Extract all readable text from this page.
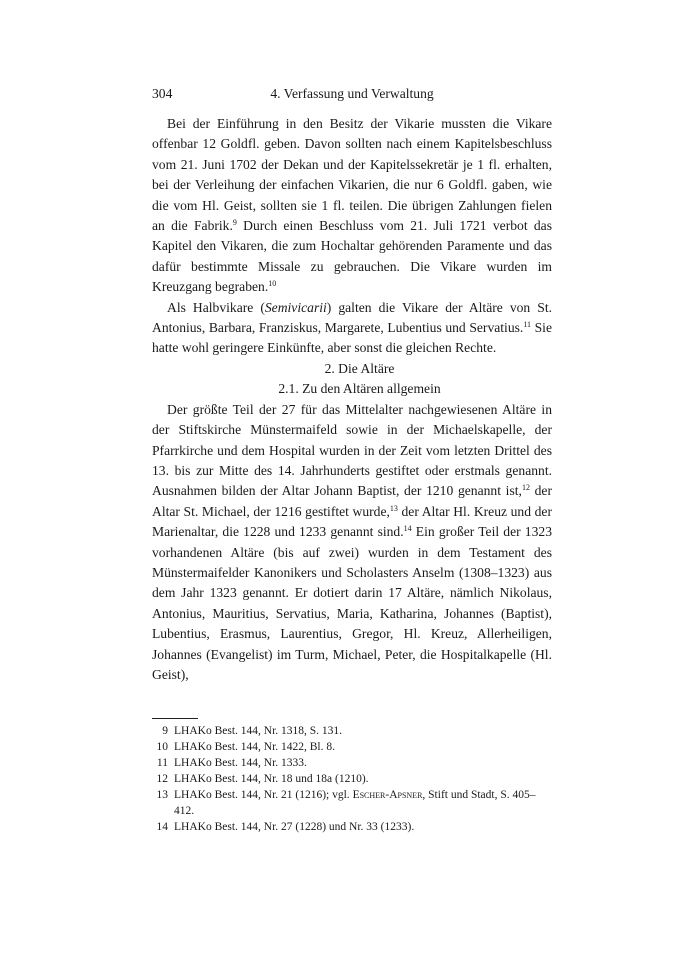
304	4. Verfassung und Verwaltung

Bei der Einführung in den Besitz der Vikarie mussten die Vikare offenbar 12 Goldfl. geben. Davon sollten nach einem Kapitelsbeschluss vom 21. Juni 1702 der Dekan und der Kapitelssekretär je 1 fl. erhalten, bei der Verleihung der einfachen Vikarien, die nur 6 Goldfl. gaben, wie die vom Hl. Geist, sollten sie 1 fl. teilen. Die übrigen Zahlungen fielen an die Fabrik.$^9$ Durch einen Beschluss vom 21. Juli 1721 verbot das Kapitel den Vikaren, die zum Hochaltar gehörenden Paramente und das dafür bestimmte Missale zu gebrauchen. Die Vikare wurden im Kreuzgang begraben.$^{10}$

Als Halbvikare (Semivicarii) galten die Vikare der Altäre von St. Antonius, Barbara, Franziskus, Margarete, Lubentius und Servatius.$^{11}$ Sie hatte wohl geringere Einkünfte, aber sonst die gleichen Rechte.

2. Die Altäre

2.1. Zu den Altären allgemein

Der größte Teil der 27 für das Mittelalter nachgewiesenen Altäre in der Stiftskirche Münstermaifeld sowie in der Michaelskapelle, der Pfarrkirche und dem Hospital wurden in der Zeit vom letzten Drittel des 13. bis zur Mitte des 14. Jahrhunderts gestiftet oder erstmals genannt. Ausnahmen bilden der Altar Johann Baptist, der 1210 genannt ist,$^{12}$ der Altar St. Michael, der 1216 gestiftet wurde,$^{13}$ der Altar Hl. Kreuz und der Marienaltar, die 1228 und 1233 genannt sind.$^{14}$ Ein großer Teil der 1323 vorhandenen Altäre (bis auf zwei) wurden in dem Testament des Münstermaifelder Kanonikers und Scholasters Anselm (1308–1323) aus dem Jahr 1323 genannt. Er dotiert darin 17 Altäre, nämlich Nikolaus, Antonius, Mauritius, Servatius, Maria, Katharina, Johannes (Baptist), Lubentius, Erasmus, Laurentius, Gregor, Hl. Kreuz, Allerheiligen, Johannes (Evangelist) im Turm, Michael, Peter, die Hospitalkapelle (Hl. Geist),

9 LHAKo Best. 144, Nr. 1318, S. 131.
10 LHAKo Best. 144, Nr. 1422, Bl. 8.
11 LHAKo Best. 144, Nr. 1333.
12 LHAKo Best. 144, Nr. 18 und 18a (1210).
13 LHAKo Best. 144, Nr. 21 (1216); vgl. Escher-Apsner, Stift und Stadt, S. 405–412.
14 LHAKo Best. 144, Nr. 27 (1228) und Nr. 33 (1233).
